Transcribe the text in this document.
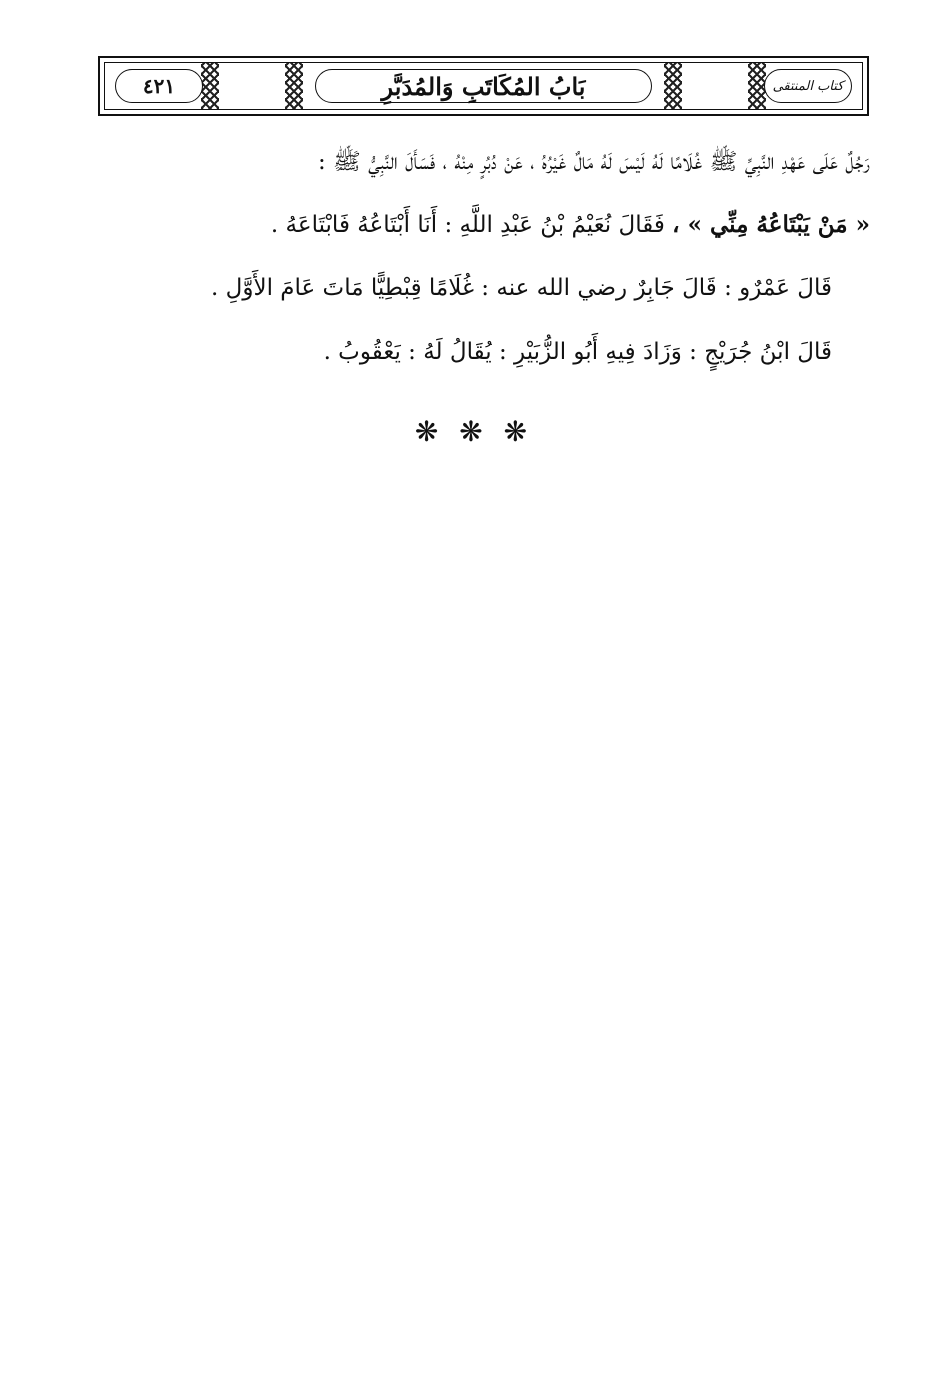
٤٢١	بَابُ المُكَاتَبِ وَالمُدَبَّرِ	كتاب المنتقى
رَجُلٌ عَلَى عَهْدِ النَّبِيِّ ﷺ غُلَامًا لَهُ لَيْسَ لَهُ مَالٌ غَيْرُهُ ، عَنْ دُبُرٍ مِنْهُ ، فَسَأَلَ النَّبِيُّ ﷺ :
« مَنْ يَبْتَاعُهُ مِنِّي » ، فَقَالَ نُعَيْمُ بْنُ عَبْدِ اللَّهِ : أَنَا أَبْتَاعُهُ فَابْتَاعَهُ .
قَالَ عَمْرٌو : قَالَ جَابِرٌ رضي الله عنه : غُلَامًا قِبْطِيًّا مَاتَ عَامَ الأَوَّلِ .
قَالَ ابْنُ جُرَيْجٍ : وَزَادَ فِيهِ أَبُو الزُّبَيْرِ : يُقَالُ لَهُ : يَعْقُوبُ .
❋ ❋ ❋
